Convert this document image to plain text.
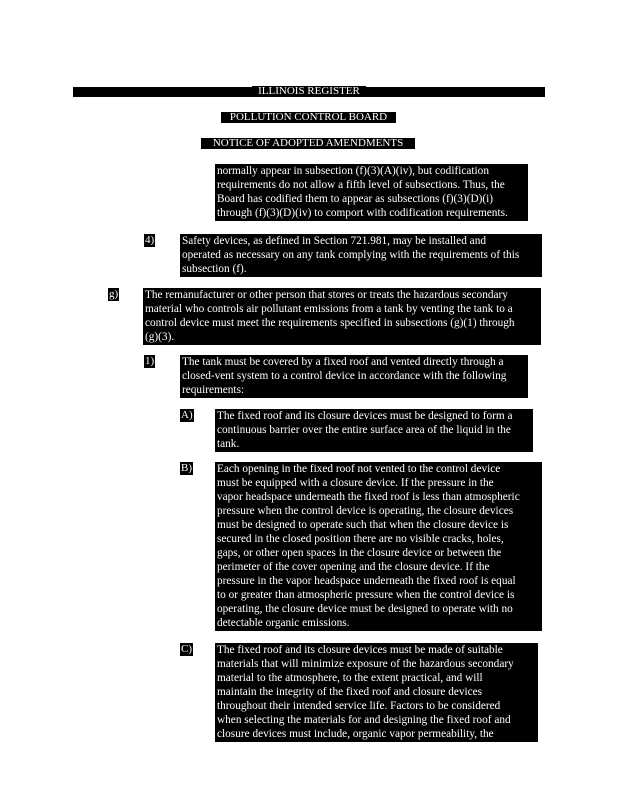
ILLINOIS REGISTER
POLLUTION CONTROL BOARD
NOTICE OF ADOPTED AMENDMENTS
normally appear in subsection (f)(3)(A)(iv), but codification
requirements do not allow a fifth level of subsections. Thus, the
Board has codified them to appear as subsections (f)(3)(D)(i)
through (f)(3)(D)(iv) to comport with codification requirements.
4) Safety devices, as defined in Section 721.981, may be installed and
operated as necessary on any tank complying with the requirements of this
subsection (f).
g) The remanufacturer or other person that stores or treats the hazardous secondary
material who controls air pollutant emissions from a tank by venting the tank to a
control device must meet the requirements specified in subsections (g)(1) through
(g)(3).
1) The tank must be covered by a fixed roof and vented directly through a
closed-vent system to a control device in accordance with the following
requirements:
A) The fixed roof and its closure devices must be designed to form a
continuous barrier over the entire surface area of the liquid in the
tank.
B) Each opening in the fixed roof not vented to the control device
must be equipped with a closure device. If the pressure in the
vapor headspace underneath the fixed roof is less than atmospheric
pressure when the control device is operating, the closure devices
must be designed to operate such that when the closure device is
secured in the closed position there are no visible cracks, holes,
gaps, or other open spaces in the closure device or between the
perimeter of the cover opening and the closure device. If the
pressure in the vapor headspace underneath the fixed roof is equal
to or greater than atmospheric pressure when the control device is
operating, the closure device must be designed to operate with no
detectable organic emissions.
C) The fixed roof and its closure devices must be made of suitable
materials that will minimize exposure of the hazardous secondary
material to the atmosphere, to the extent practical, and will
maintain the integrity of the fixed roof and closure devices
throughout their intended service life. Factors to be considered
when selecting the materials for and designing the fixed roof and
closure devices must include, organic vapor permeability, the
